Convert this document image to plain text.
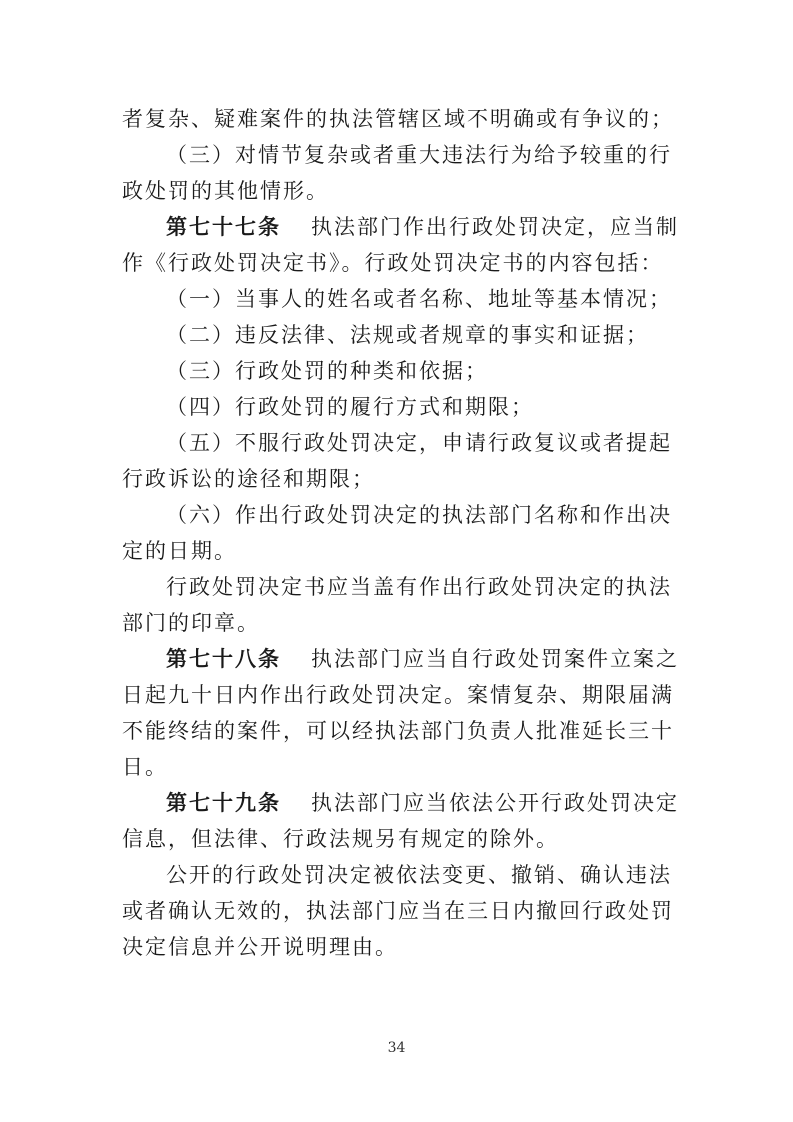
者复杂、疑难案件的执法管辖区域不明确或有争议的；

（三）对情节复杂或者重大违法行为给予较重的行政处罚的其他情形。

第七十七条 执法部门作出行政处罚决定，应当制作《行政处罚决定书》。行政处罚决定书的内容包括：

（一）当事人的姓名或者名称、地址等基本情况；

（二）违反法律、法规或者规章的事实和证据；

（三）行政处罚的种类和依据；

（四）行政处罚的履行方式和期限；

（五）不服行政处罚决定，申请行政复议或者提起行政诉讼的途径和期限；

（六）作出行政处罚决定的执法部门名称和作出决定的日期。

行政处罚决定书应当盖有作出行政处罚决定的执法部门的印章。

第七十八条 执法部门应当自行政处罚案件立案之日起九十日内作出行政处罚决定。案情复杂、期限届满不能终结的案件，可以经执法部门负责人批准延长三十日。

第七十九条 执法部门应当依法公开行政处罚决定信息，但法律、行政法规另有规定的除外。

公开的行政处罚决定被依法变更、撤销、确认违法或者确认无效的，执法部门应当在三日内撤回行政处罚决定信息并公开说明理由。

34
